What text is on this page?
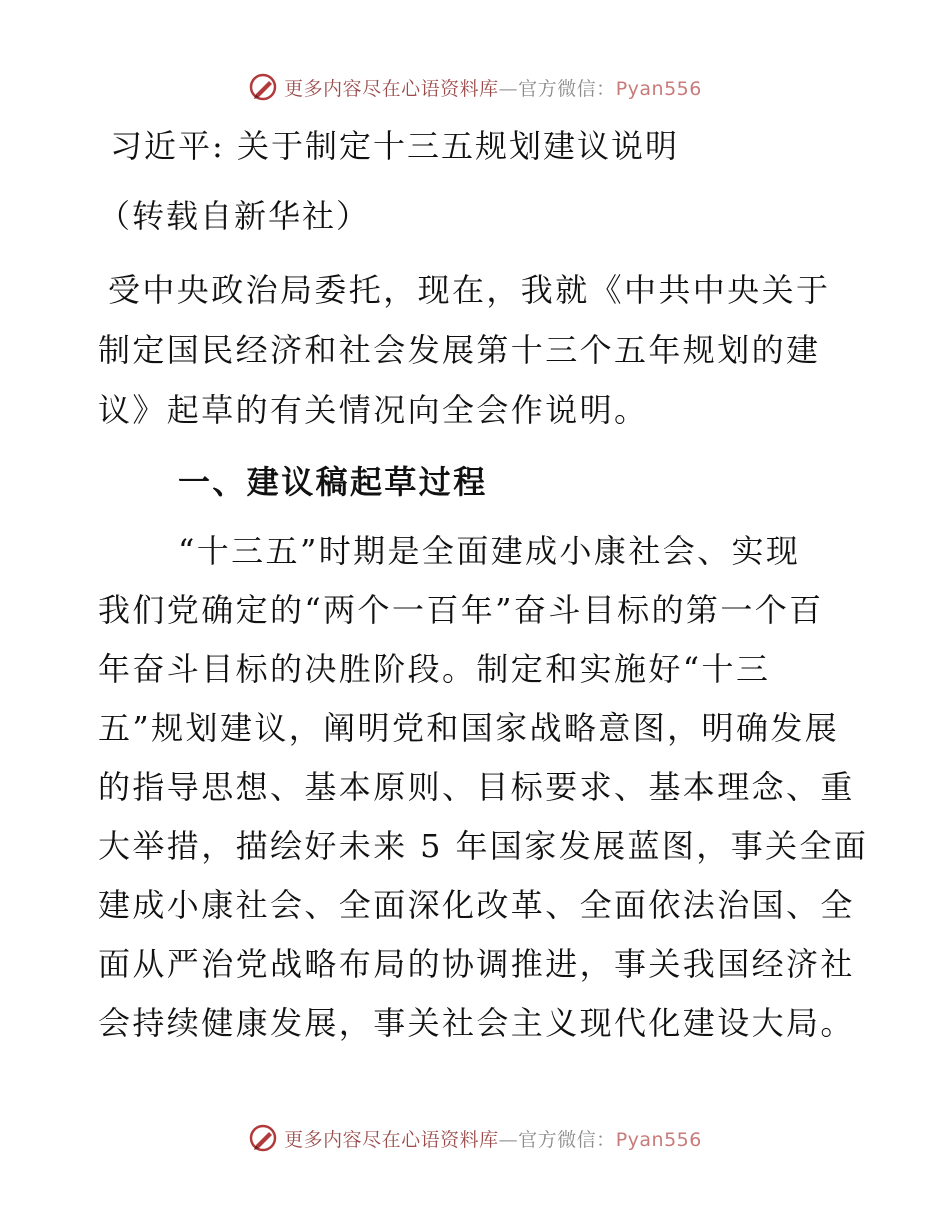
更多内容尽在心语资料库—官方微信：Pyan556
习近平: 关于制定十三五规划建议说明

（转载自新华社）

受中央政治局委托，现在，我就《中共中央关于
制定国民经济和社会发展第十三个五年规划的建
议》起草的有关情况向全会作说明。

一、建议稿起草过程

“十三五”时期是全面建成小康社会、实现
我们党确定的“两个一百年”奋斗目标的第一个百
年奋斗目标的决胜阶段。制定和实施好“十三
五”规划建议，阐明党和国家战略意图，明确发展
的指导思想、基本原则、目标要求、基本理念、重
大举措，描绘好未来 5 年国家发展蓝图，事关全面
建成小康社会、全面深化改革、全面依法治国、全
面从严治党战略布局的协调推进，事关我国经济社
会持续健康发展，事关社会主义现代化建设大局。

更多内容尽在心语资料库—官方微信：Pyan556
